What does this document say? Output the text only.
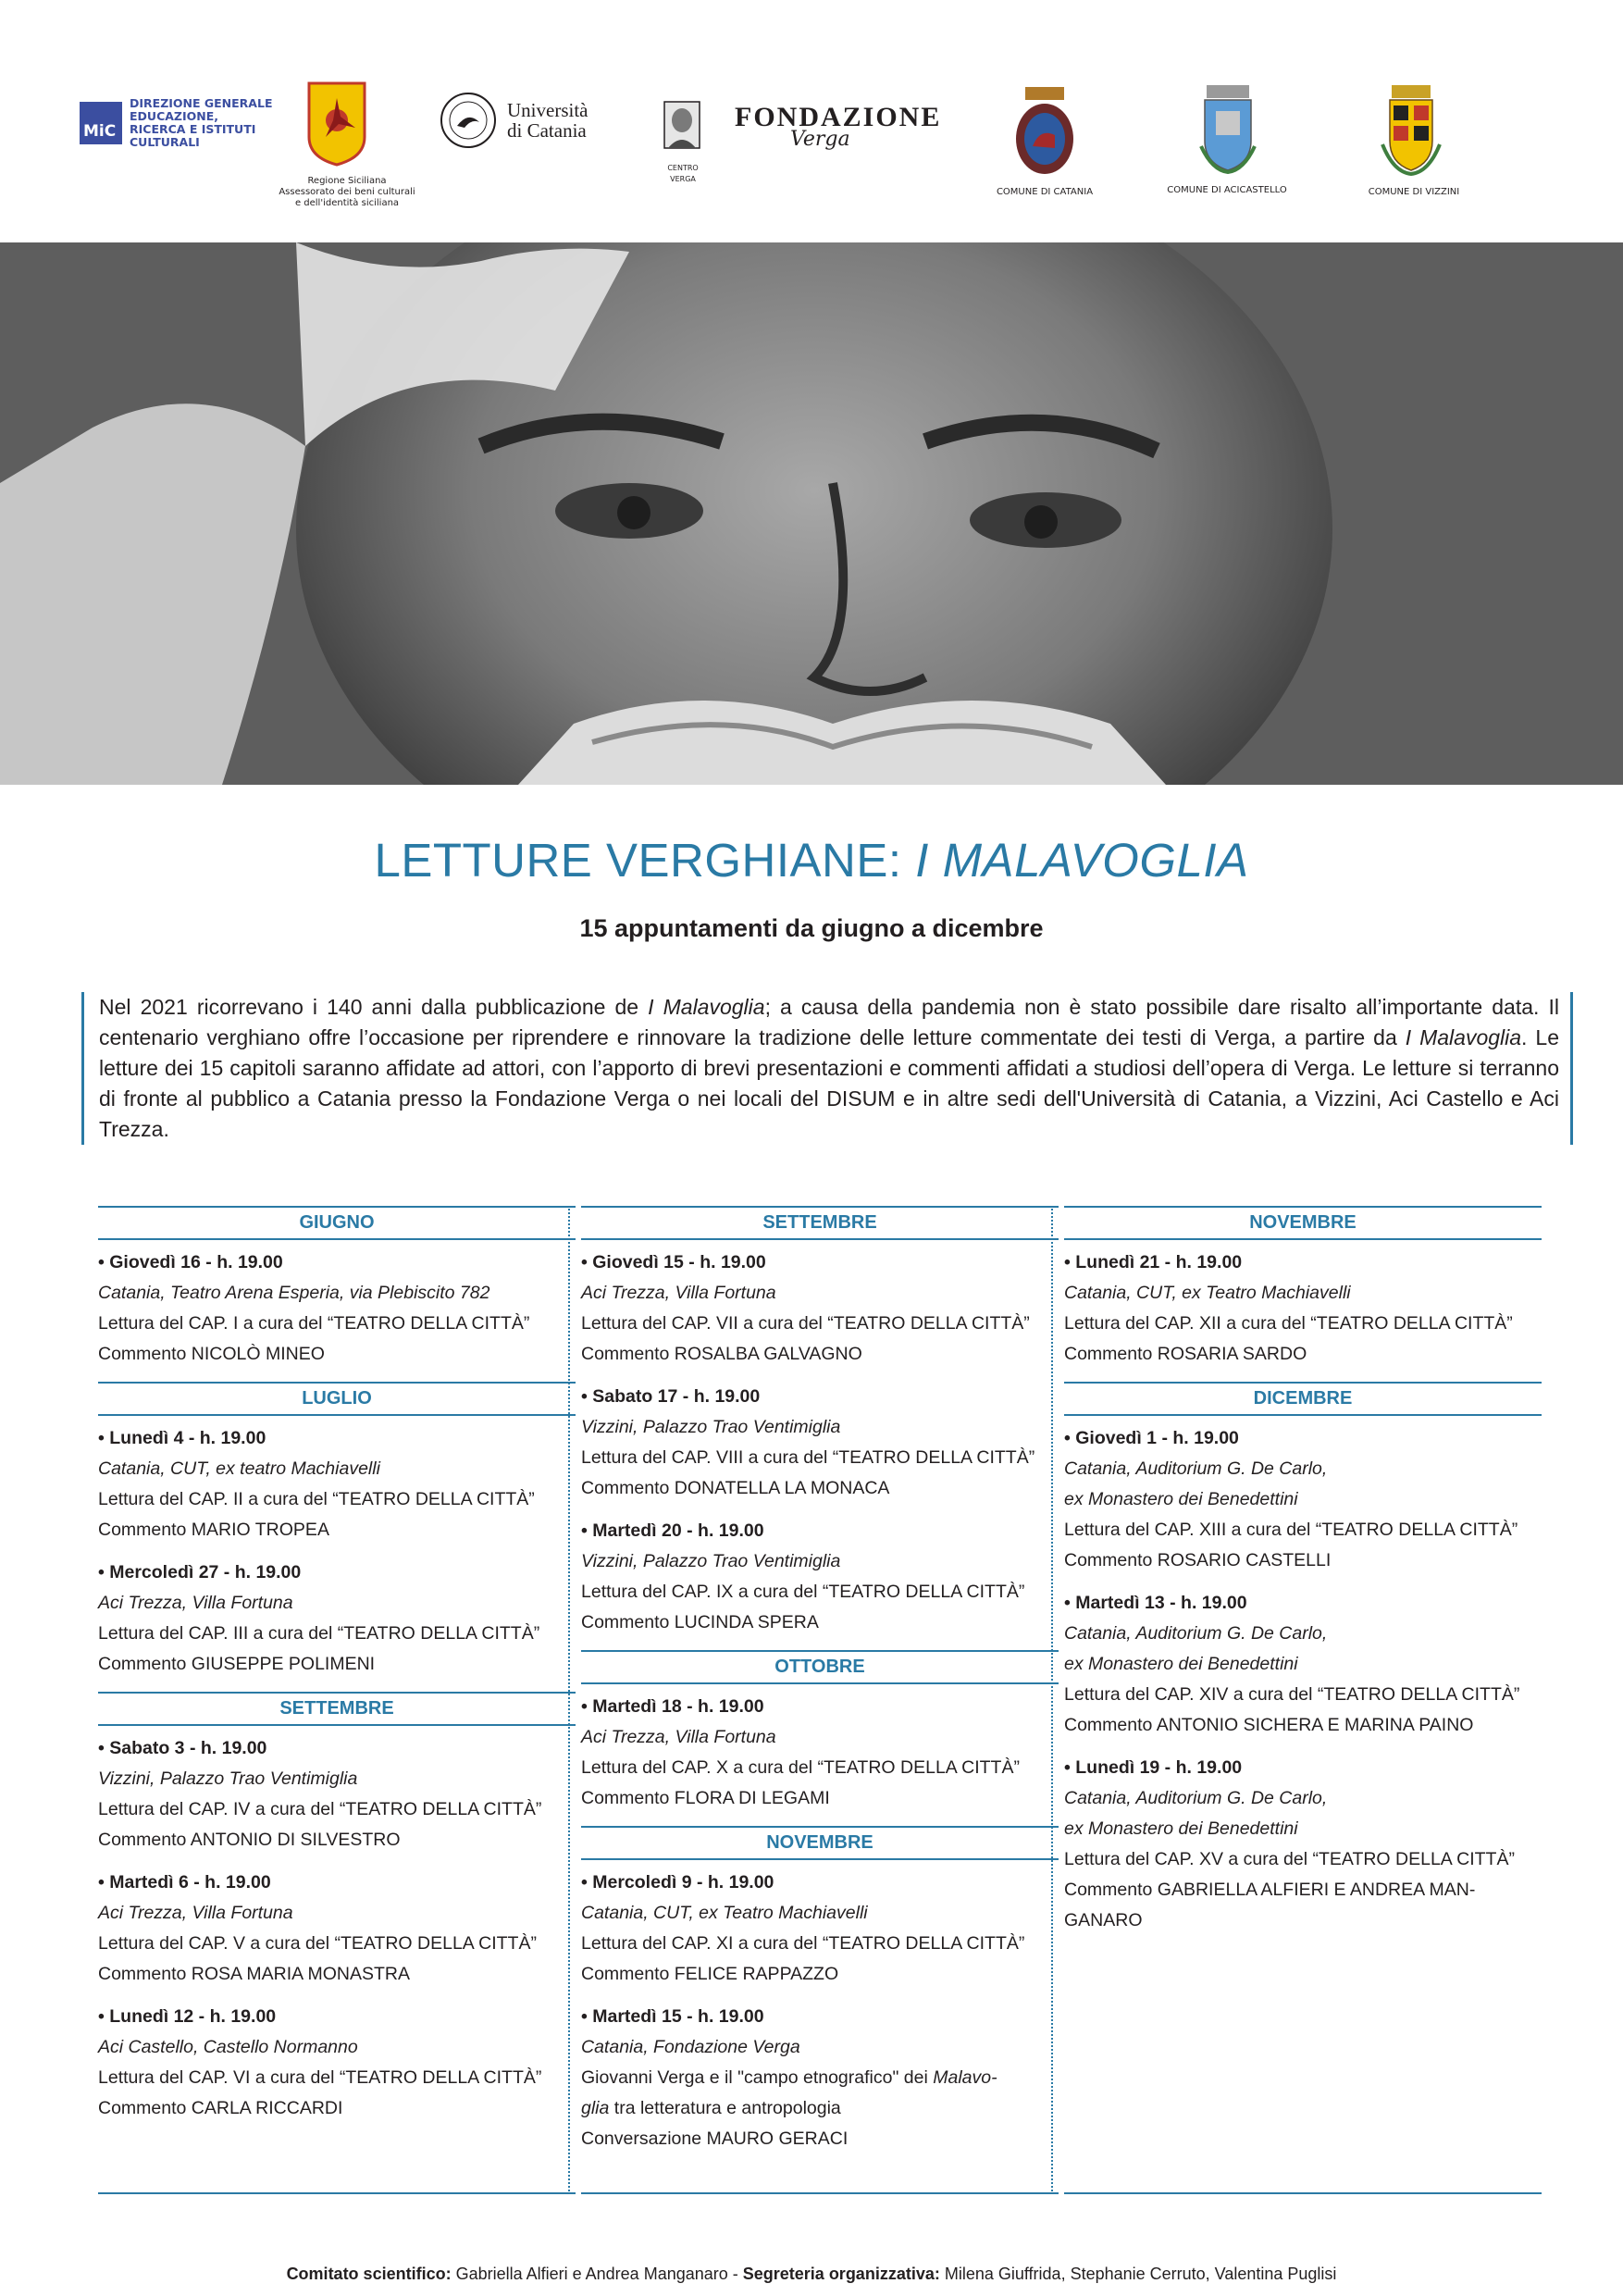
MiC
DIREZIONE GENERALE EDUCAZIONE, RICERCA E ISTITUTI CULTURALI
Regione Siciliana
Assessorato dei beni culturali
e dell'identità siciliana
Università
di Catania
CENTRO VERGA
FONDAZIONE
Verga
COMUNE DI CATANIA	COMUNE DI ACICASTELLO	COMUNE DI VIZZINI
LETTURE VERGHIANE: I MALAVOGLIA
15 appuntamenti da giugno a dicembre
Nel 2021 ricorrevano i 140 anni dalla pubblicazione de I Malavoglia; a causa della pandemia non è stato possibile dare risalto all’importante data. Il centenario verghiano offre l’occasione per riprendere e rinnovare la tradizione delle letture commentate dei testi di Verga, a partire da I Malavoglia. Le letture dei 15 capitoli saranno affidate ad attori, con l’apporto di brevi presentazioni e commenti affidati a studiosi dell’opera di Verga. Le letture si terranno di fronte al pubblico a Catania presso la Fondazione Verga o nei locali del DISUM e in altre sedi dell'Università di Catania, a Vizzini, Aci Castello e Aci Trezza.
GIUGNO
• Giovedì 16 - h. 19.00
Catania, Teatro Arena Esperia, via Plebiscito 782
Lettura del CAP. I a cura del “TEATRO DELLA CITTÀ”
Commento NICOLÒ MINEO
LUGLIO
• Lunedì 4 - h. 19.00
Catania, CUT, ex teatro Machiavelli
Lettura del CAP. II a cura del “TEATRO DELLA CITTÀ”
Commento MARIO TROPEA
• Mercoledì 27 - h. 19.00
Aci Trezza, Villa Fortuna
Lettura del CAP. III a cura del “TEATRO DELLA CITTÀ”
Commento GIUSEPPE POLIMENI
SETTEMBRE
• Sabato 3 - h. 19.00
Vizzini, Palazzo Trao Ventimiglia
Lettura del CAP. IV a cura del “TEATRO DELLA CITTÀ”
Commento ANTONIO DI SILVESTRO
• Martedì 6 - h. 19.00
Aci Trezza, Villa Fortuna
Lettura del CAP. V a cura del “TEATRO DELLA CITTÀ”
Commento ROSA MARIA MONASTRA
• Lunedì 12 - h. 19.00
Aci Castello, Castello Normanno
Lettura del CAP. VI a cura del “TEATRO DELLA CITTÀ”
Commento CARLA RICCARDI
SETTEMBRE
• Giovedì 15 - h. 19.00
Aci Trezza, Villa Fortuna
Lettura del CAP. VII a cura del “TEATRO DELLA CITTÀ”
Commento ROSALBA GALVAGNO
• Sabato 17 - h. 19.00
Vizzini, Palazzo Trao Ventimiglia
Lettura del CAP. VIII a cura del “TEATRO DELLA CITTÀ”
Commento DONATELLA LA MONACA
• Martedì 20 - h. 19.00
Vizzini, Palazzo Trao Ventimiglia
Lettura del CAP. IX a cura del “TEATRO DELLA CITTÀ”
Commento LUCINDA SPERA
OTTOBRE
• Martedì 18 - h. 19.00
Aci Trezza, Villa Fortuna
Lettura del CAP. X a cura del “TEATRO DELLA CITTÀ”
Commento FLORA DI LEGAMI
NOVEMBRE
• Mercoledì 9 - h. 19.00
Catania, CUT, ex Teatro Machiavelli
Lettura del CAP. XI a cura del “TEATRO DELLA CITTÀ”
Commento FELICE RAPPAZZO
• Martedì 15 - h. 19.00
Catania, Fondazione Verga
Giovanni Verga e il "campo etnografico" dei Malavo-
glia tra letteratura e antropologia
Conversazione MAURO GERACI
NOVEMBRE
• Lunedì 21 - h. 19.00
Catania, CUT, ex Teatro Machiavelli
Lettura del CAP. XII a cura del “TEATRO DELLA CITTÀ”
Commento ROSARIA SARDO
DICEMBRE
• Giovedì 1 - h. 19.00
Catania, Auditorium G. De Carlo,
ex Monastero dei Benedettini
Lettura del CAP. XIII a cura del “TEATRO DELLA CITTÀ”
Commento ROSARIO CASTELLI
• Martedì 13 - h. 19.00
Catania, Auditorium G. De Carlo,
ex Monastero dei Benedettini
Lettura del CAP. XIV a cura del “TEATRO DELLA CITTÀ”
Commento ANTONIO SICHERA E MARINA PAINO
• Lunedì 19 - h. 19.00
Catania, Auditorium G. De Carlo,
ex Monastero dei Benedettini
Lettura del CAP. XV a cura del “TEATRO DELLA CITTÀ”
Commento GABRIELLA ALFIERI E ANDREA MAN-
GANARO
Comitato scientifico: Gabriella Alfieri e Andrea Manganaro - Segreteria organizzativa: Milena Giuffrida, Stephanie Cerruto, Valentina Puglisi
